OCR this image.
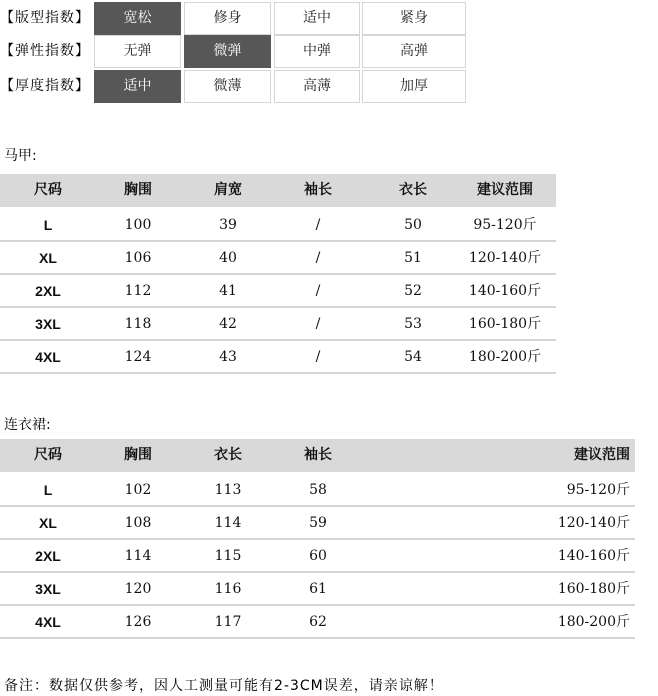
【版型指数】	宽松	修身	适中	紧身
【弹性指数】	无弹	微弹	中弹	高弹
【厚度指数】	适中	微薄	高薄	加厚
马甲:
尺码	胸围	肩宽	袖长	衣长	建议范围
L	100	39	/	50	95-120斤
XL	106	40	/	51	120-140斤
2XL	112	41	/	52	140-160斤
3XL	118	42	/	53	160-180斤
4XL	124	43	/	54	180-200斤
连衣裙:
尺码	胸围	衣长	袖长	建议范围
L	102	113	58	95-120斤
XL	108	114	59	120-140斤
2XL	114	115	60	140-160斤
3XL	120	116	61	160-180斤
4XL	126	117	62	180-200斤
备注：数据仅供参考，因人工测量可能有2-3CM误差，请亲谅解！
